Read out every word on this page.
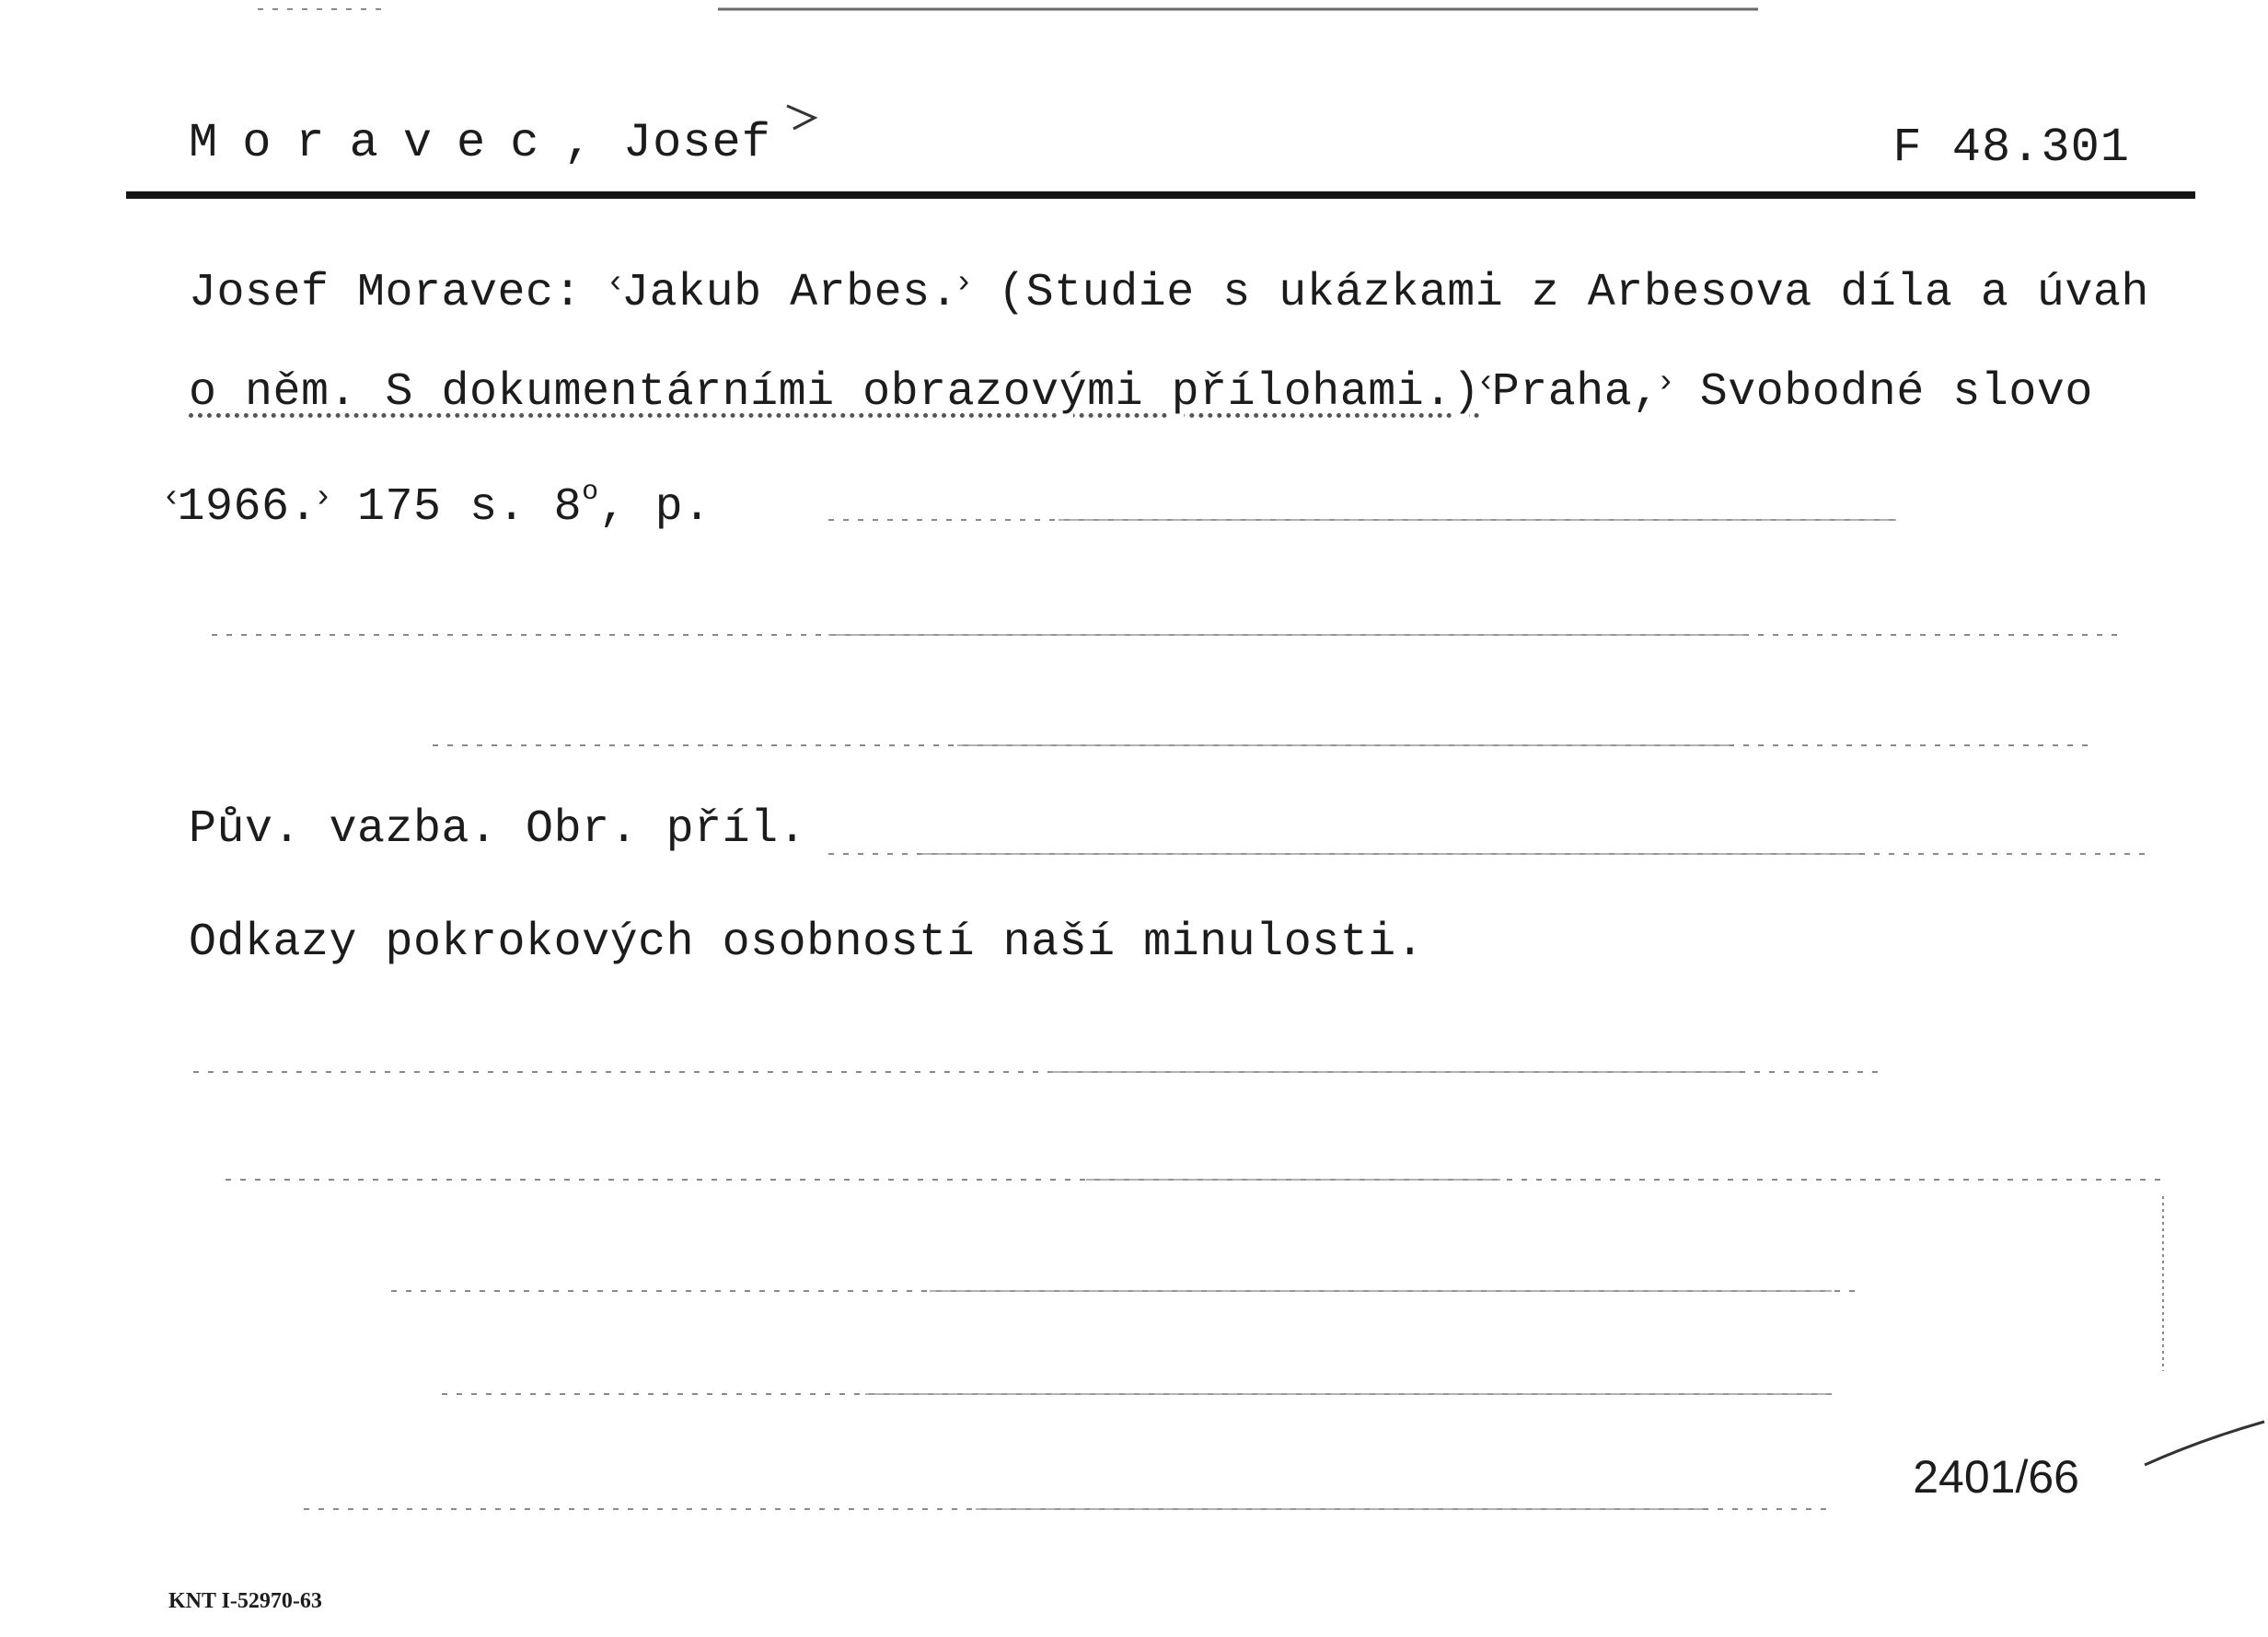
Moravec, Josef	F 48.301
Josef Moravec: ‹Jakub Arbes.› (Studie s ukázkami z Arbesova díla a úvah
o něm. S dokumentárními obrazovými přílohami.)‹Praha,› Svobodné slovo
‹1966.› 175 s. 8$^o$, p.
Pův. vazba. Obr. příl.
Odkazy pokrokových osobností naší minulosti.
2401/66
KNT I-52970-63
